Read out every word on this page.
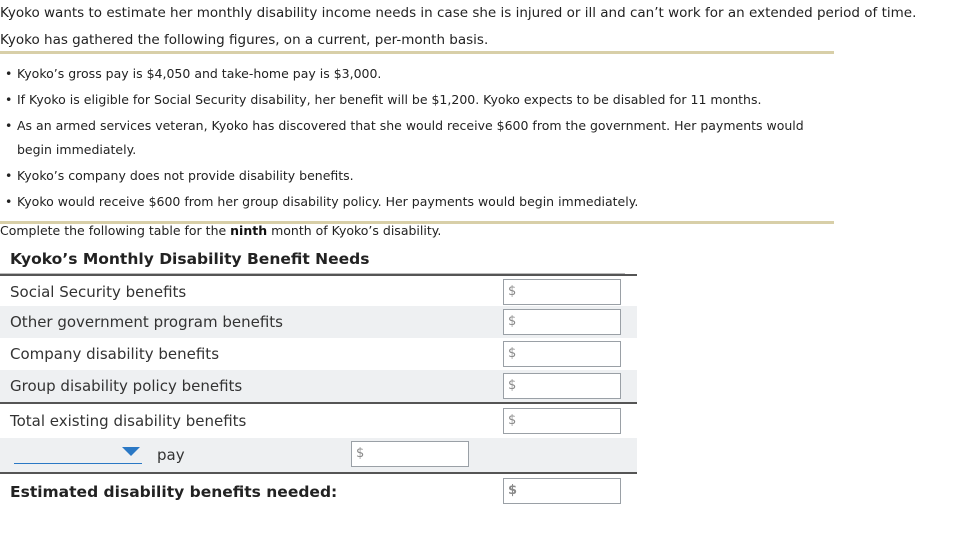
Kyoko wants to estimate her monthly disability income needs in case she is injured or ill and can’t work for an extended period of time. Kyoko has gathered the following figures, on a current, per-month basis.
• Kyoko’s gross pay is $4,050 and take-home pay is $3,000.
• If Kyoko is eligible for Social Security disability, her benefit will be $1,200. Kyoko expects to be disabled for 11 months.
• As an armed services veteran, Kyoko has discovered that she would receive $600 from the government. Her payments would begin immediately.
• Kyoko’s company does not provide disability benefits.
• Kyoko would receive $600 from her group disability policy. Her payments would begin immediately.
Complete the following table for the ninth month of Kyoko’s disability.
Kyoko’s Monthly Disability Benefit Needs
Social Security benefits	$
Other government program benefits	$
Company disability benefits	$
Group disability policy benefits	$
Total existing disability benefits	$
pay	$
Estimated disability benefits needed:	$
